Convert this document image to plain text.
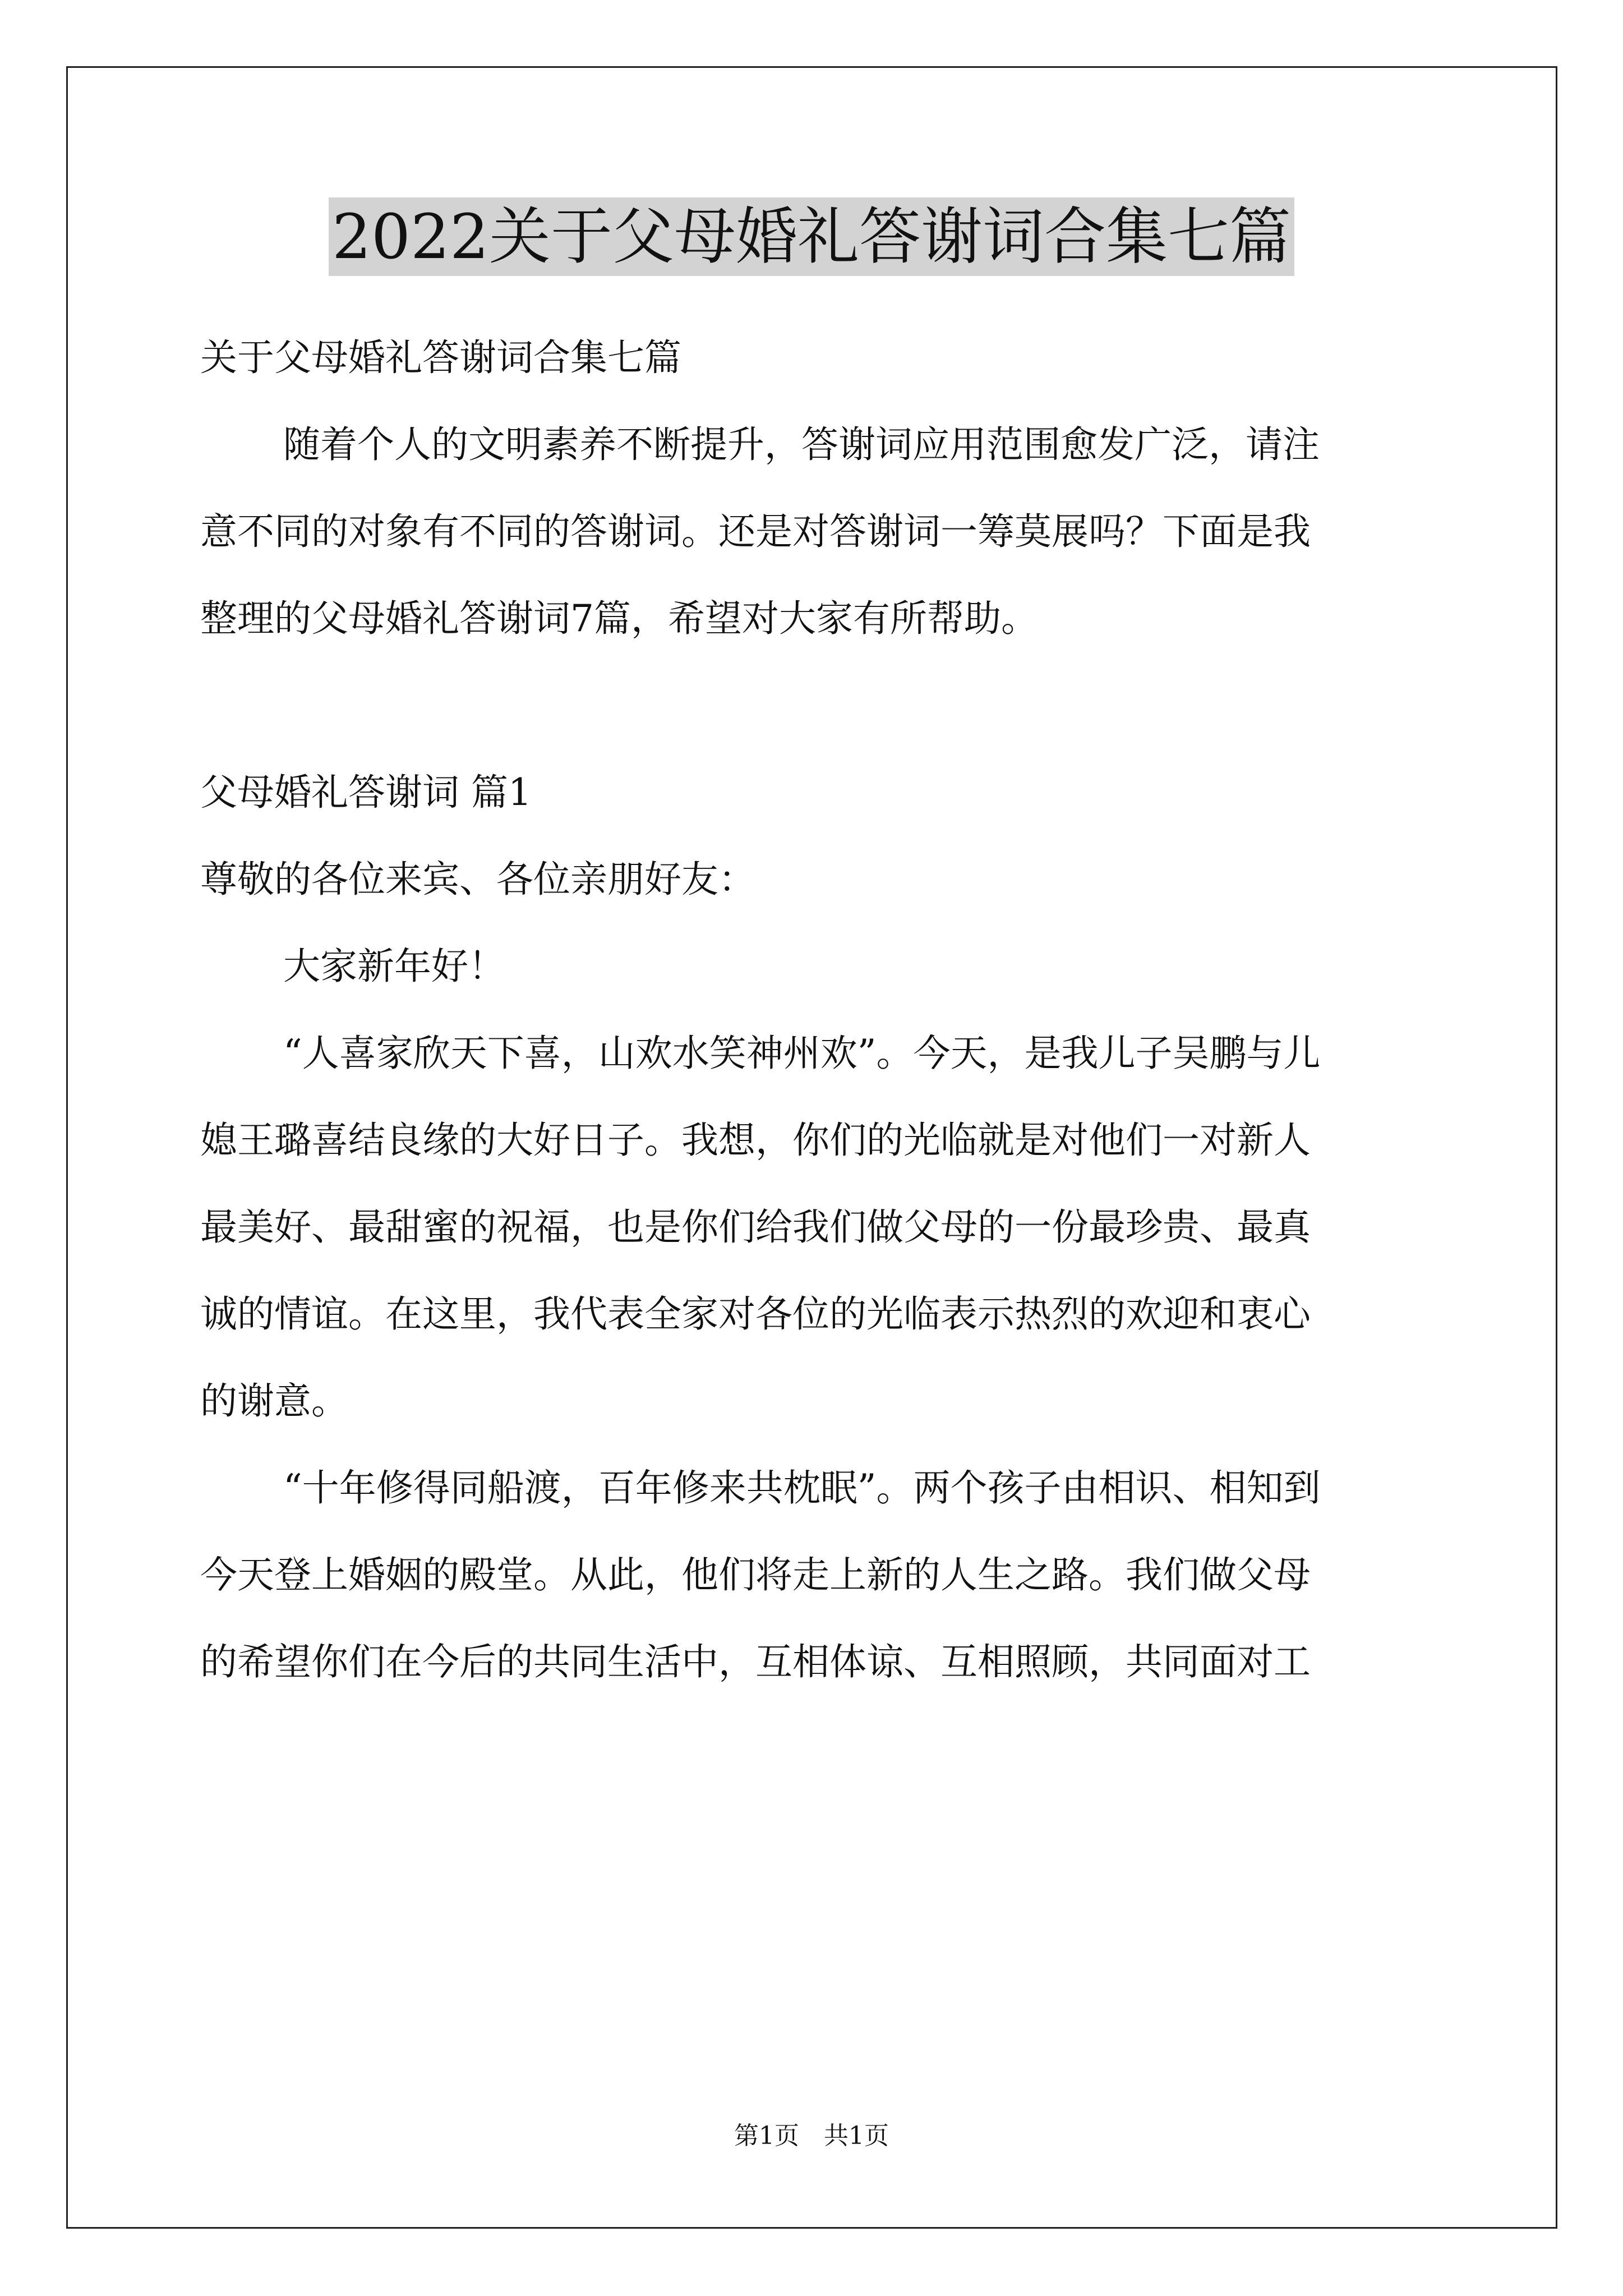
2022关于父母婚礼答谢词合集七篇
关于父母婚礼答谢词合集七篇
随着个人的文明素养不断提升，答谢词应用范围愈发广泛，请注
意不同的对象有不同的答谢词。还是对答谢词一筹莫展吗？下面是我
整理的父母婚礼答谢词7篇，希望对大家有所帮助。
父母婚礼答谢词 篇1
尊敬的各位来宾、各位亲朋好友：
大家新年好！
“人喜家欣天下喜，山欢水笑神州欢”。今天，是我儿子吴鹏与儿
媳王璐喜结良缘的大好日子。我想，你们的光临就是对他们一对新人
最美好、最甜蜜的祝福，也是你们给我们做父母的一份最珍贵、最真
诚的情谊。在这里，我代表全家对各位的光临表示热烈的欢迎和衷心
的谢意。
“十年修得同船渡，百年修来共枕眠”。两个孩子由相识、相知到
今天登上婚姻的殿堂。从此，他们将走上新的人生之路。我们做父母
的希望你们在今后的共同生活中，互相体谅、互相照顾，共同面对工
第1页 共1页
